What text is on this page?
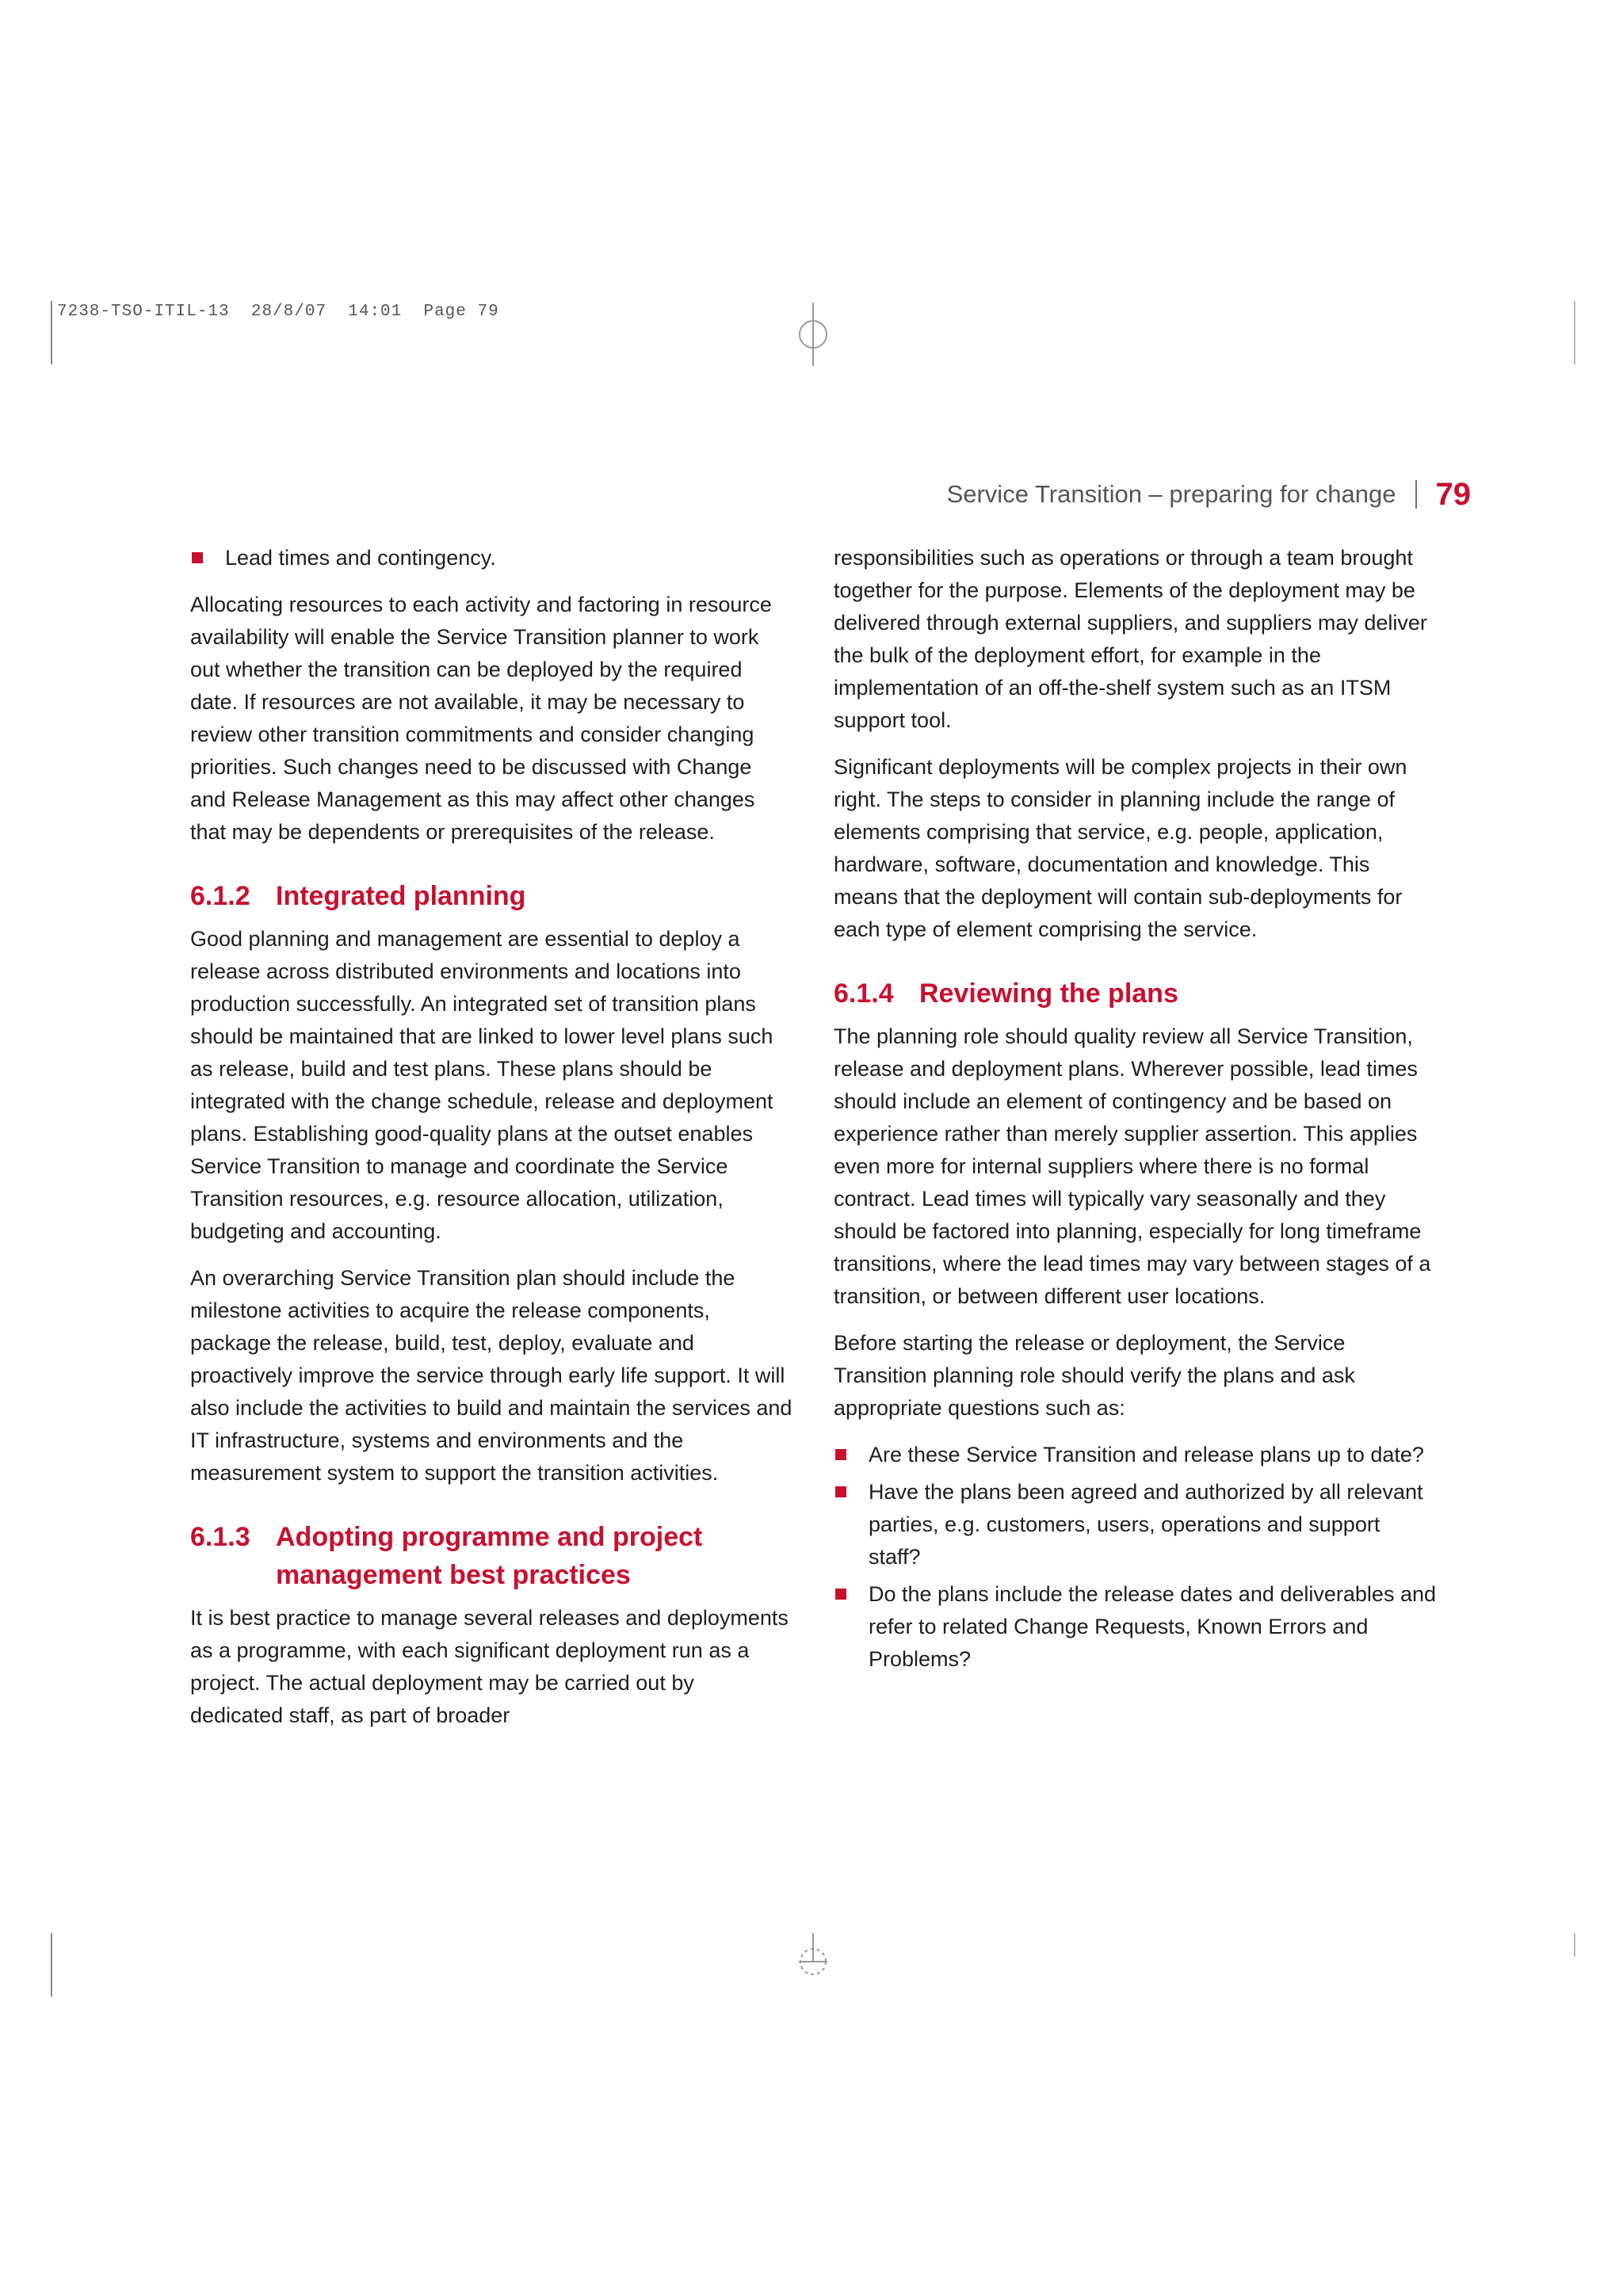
7238-TSO-ITIL-13  28/8/07  14:01  Page 79
Service Transition – preparing for change 79
Lead times and contingency.

Allocating resources to each activity and factoring in resource availability will enable the Service Transition planner to work out whether the transition can be deployed by the required date. If resources are not available, it may be necessary to review other transition commitments and consider changing priorities. Such changes need to be discussed with Change and Release Management as this may affect other changes that may be dependents or prerequisites of the release.

6.1.2 Integrated planning

Good planning and management are essential to deploy a release across distributed environments and locations into production successfully. An integrated set of transition plans should be maintained that are linked to lower level plans such as release, build and test plans. These plans should be integrated with the change schedule, release and deployment plans. Establishing good-quality plans at the outset enables Service Transition to manage and coordinate the Service Transition resources, e.g. resource allocation, utilization, budgeting and accounting.

An overarching Service Transition plan should include the milestone activities to acquire the release components, package the release, build, test, deploy, evaluate and proactively improve the service through early life support. It will also include the activities to build and maintain the services and IT infrastructure, systems and environments and the measurement system to support the transition activities.

6.1.3 Adopting programme and project management best practices

It is best practice to manage several releases and deployments as a programme, with each significant deployment run as a project. The actual deployment may be carried out by dedicated staff, as part of broader

responsibilities such as operations or through a team brought together for the purpose. Elements of the deployment may be delivered through external suppliers, and suppliers may deliver the bulk of the deployment effort, for example in the implementation of an off-the-shelf system such as an ITSM support tool.

Significant deployments will be complex projects in their own right. The steps to consider in planning include the range of elements comprising that service, e.g. people, application, hardware, software, documentation and knowledge. This means that the deployment will contain sub-deployments for each type of element comprising the service.

6.1.4 Reviewing the plans

The planning role should quality review all Service Transition, release and deployment plans. Wherever possible, lead times should include an element of contingency and be based on experience rather than merely supplier assertion. This applies even more for internal suppliers where there is no formal contract. Lead times will typically vary seasonally and they should be factored into planning, especially for long timeframe transitions, where the lead times may vary between stages of a transition, or between different user locations.

Before starting the release or deployment, the Service Transition planning role should verify the plans and ask appropriate questions such as:

Are these Service Transition and release plans up to date?
Have the plans been agreed and authorized by all relevant parties, e.g. customers, users, operations and support staff?
Do the plans include the release dates and deliverables and refer to related Change Requests, Known Errors and Problems?
